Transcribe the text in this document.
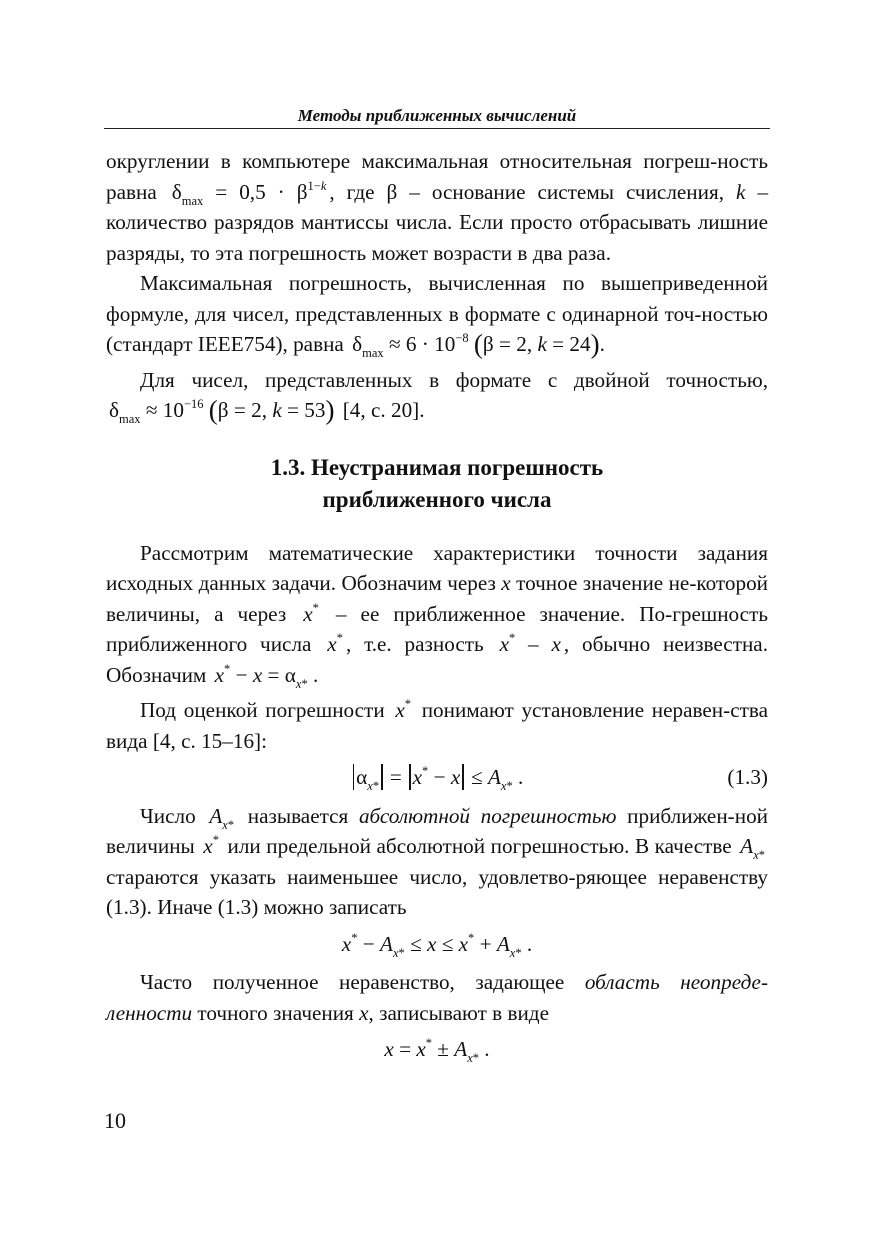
Методы приближенных вычислений

округлении в компьютере максимальная относительная погреш-ность равна $\delta_{max} = 0,5 \cdot \beta^{1-k}$ , где β – основание системы счисления, k – количество разрядов мантиссы числа. Если просто отбрасывать лишние разряды, то эта погрешность может возрасти в два раза.

Максимальная погрешность, вычисленная по вышеприведенной формуле, для чисел, представленных в формате с одинарной точ-ностью (стандарт IEEE754), равна $\delta_{max} \approx 6 \cdot 10^{-8}$ (β = 2, k = 24).

Для чисел, представленных в формате с двойной точностью, $\delta_{max} \approx 10^{-16}$ (β = 2, k = 53) [4, с. 20].

1.3. Неустранимая погрешность
приближенного числа

Рассмотрим математические характеристики точности задания исходных данных задачи. Обозначим через x точное значение не-которой величины, а через x* – ее приближенное значение. По-грешность приближенного числа x* , т.е. разность x* – x , обычно неизвестна. Обозначим $x^* - x = \alpha_{x*}$ .

Под оценкой погрешности x* понимают установление неравен-ства вида [4, с. 15–16]:

$\alpha_{x*} = x^* - x \le A_{x*}$ .	(1.3)

Число $A_{x*}$ называется абсолютной погрешностью приближен-ной величины x* или предельной абсолютной погрешностью. В качестве $A_{x*}$ стараются указать наименьшее число, удовлетво-ряющее неравенству (1.3). Иначе (1.3) можно записать

$x^* - A_{x*} \le x \le x^* + A_{x*}$ .

Часто полученное неравенство, задающее область неопреде-ленности точного значения x, записывают в виде

$x = x^* \pm A_{x*}$ .
10
